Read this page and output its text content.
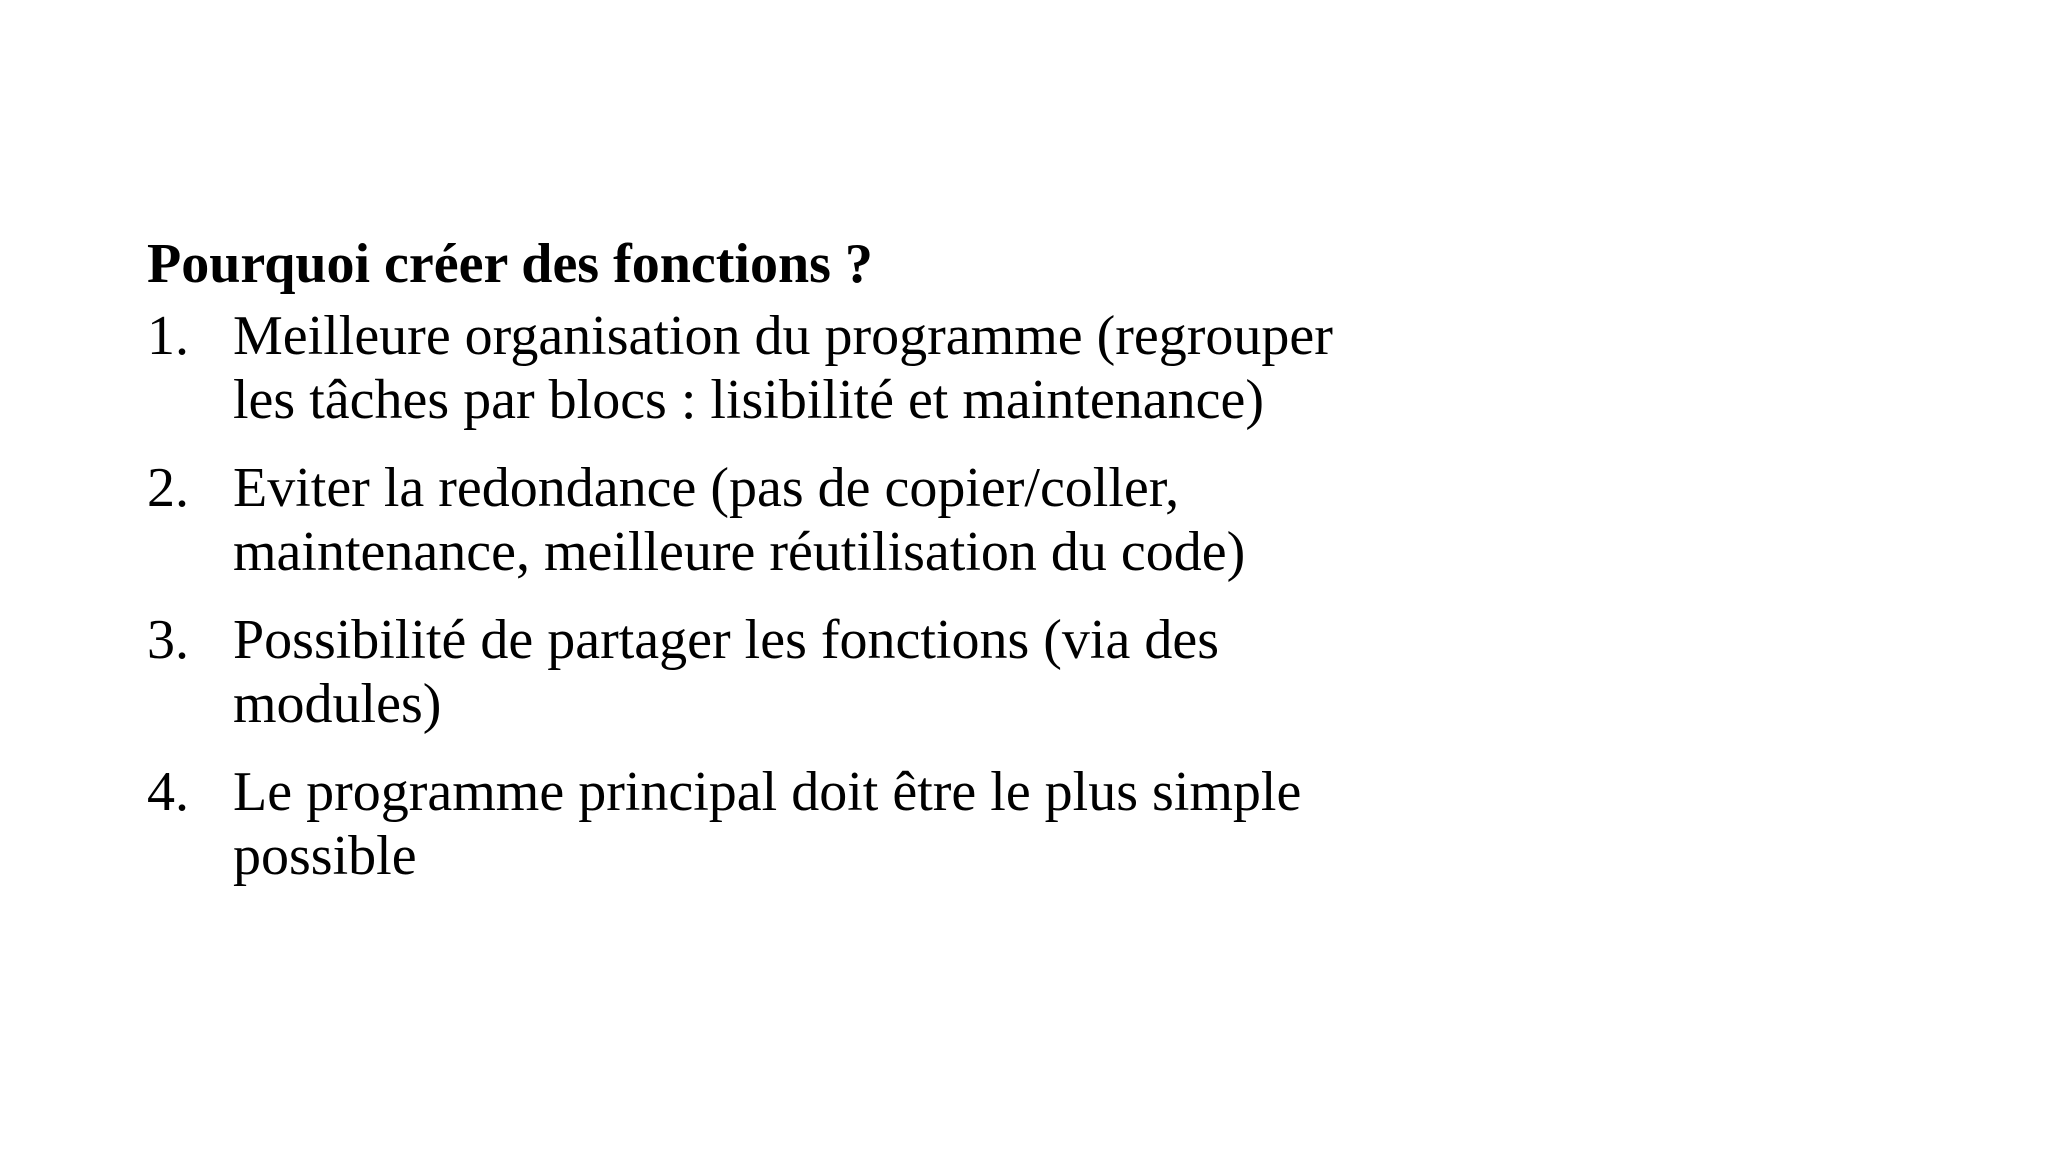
Pourquoi créer des fonctions ?
1. Meilleure organisation du programme (regrouper
les tâches par blocs : lisibilité et maintenance)
2. Eviter la redondance (pas de copier/coller,
maintenance, meilleure réutilisation du code)
3. Possibilité de partager les fonctions (via des
modules)
4. Le programme principal doit être le plus simple
possible
